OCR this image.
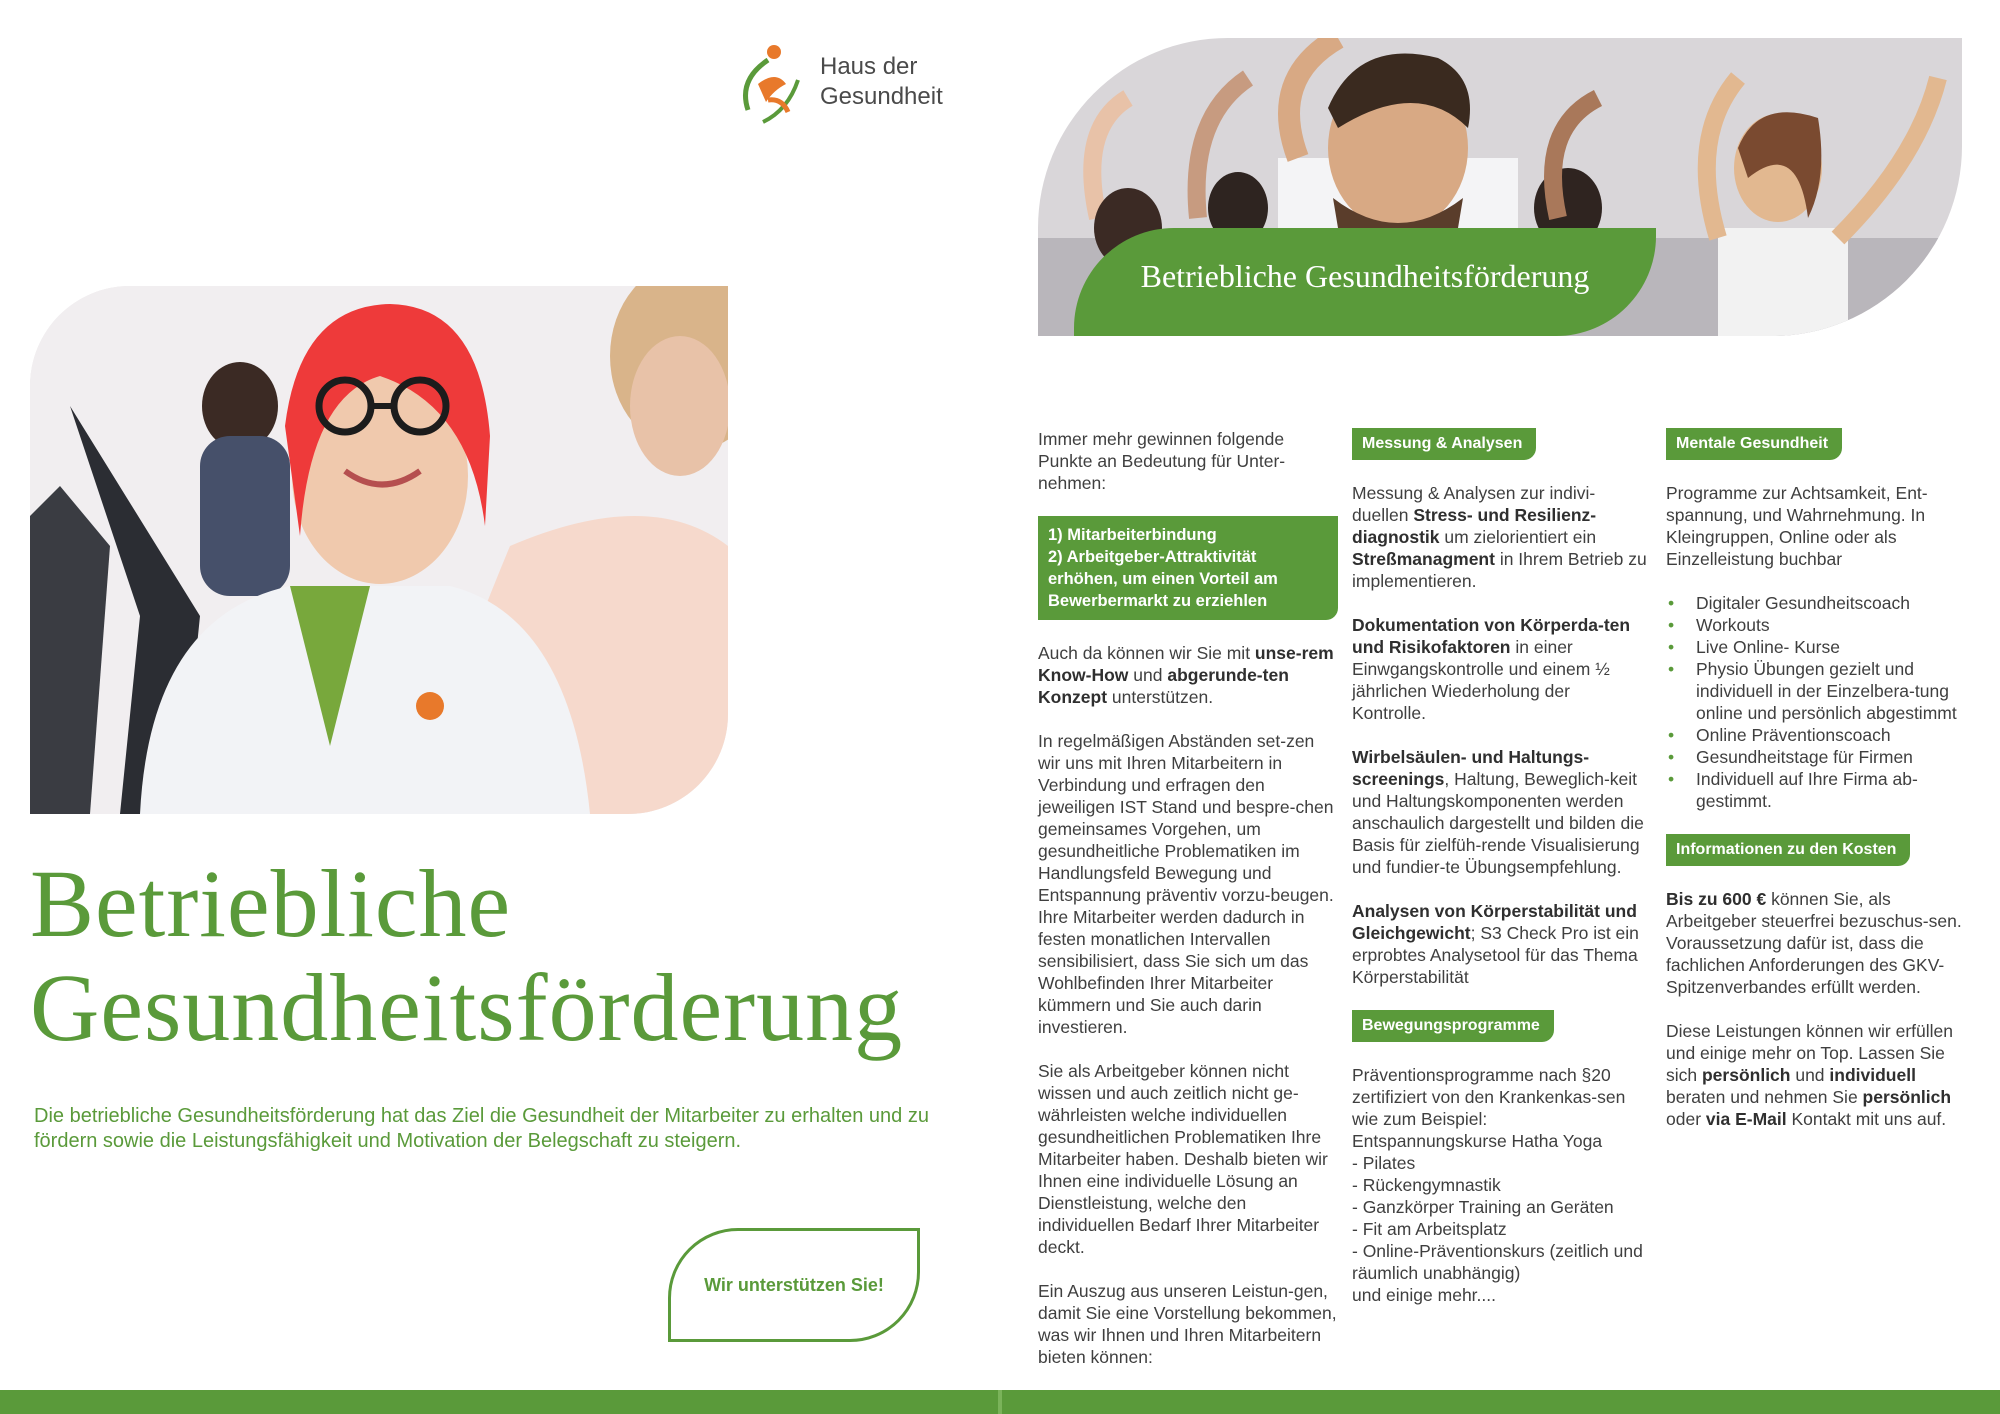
Haus der
Gesundheit
Betriebliche
Gesundheitsförderung
Die betriebliche Gesundheitsförderung hat das Ziel die Gesundheit der Mitarbeiter zu erhalten und zu fördern sowie die Leistungsfähigkeit und Motivation der Belegschaft zu steigern.
Wir unterstützen Sie!
Betriebliche Gesundheitsförderung

Immer mehr gewinnen folgende Punkte an Bedeutung für Unter-nehmen:

1) Mitarbeiterbindung
2) Arbeitgeber-Attraktivität erhöhen, um einen Vorteil am Bewerbermarkt zu erziehlen

Auch da können wir Sie mit unse-rem Know-How und abgerunde-ten Konzept unterstützen.

In regelmäßigen Abständen set-zen wir uns mit Ihren Mitarbeitern in Verbindung und erfragen den jeweiligen IST Stand und bespre-chen gemeinsames Vorgehen, um gesundheitliche Problematiken im Handlungsfeld Bewegung und Entspannung präventiv vorzu-beugen. Ihre Mitarbeiter werden dadurch in festen monatlichen Intervallen sensibilisiert, dass Sie sich um das Wohlbefinden Ihrer Mitarbeiter kümmern und Sie auch darin investieren.

Sie als Arbeitgeber können nicht wissen und auch zeitlich nicht ge-währleisten welche individuellen gesundheitlichen Problematiken Ihre Mitarbeiter haben. Deshalb bieten wir Ihnen eine individuelle Lösung an Dienstleistung, welche den individuellen Bedarf Ihrer Mitarbeiter deckt.

Ein Auszug aus unseren Leistun-gen, damit Sie eine Vorstellung bekommen, was wir Ihnen und Ihren Mitarbeitern bieten können:

Messung & Analysen

Messung & Analysen zur indivi-duellen Stress- und Resilienz-diagnostik um zielorientiert ein Streßmanagment in Ihrem Betrieb zu implementieren.

Dokumentation von Körperda-ten und Risikofaktoren in einer Einwgangskontrolle und einem ½ jährlichen Wiederholung der Kontrolle.

Wirbelsäulen- und Haltungs-screenings, Haltung, Beweglich-keit und Haltungskomponenten werden anschaulich dargestellt und bilden die Basis für zielfüh-rende Visualisierung und fundier-te Übungsempfehlung.

Analysen von Körperstabilität und Gleichgewicht; S3 Check Pro ist ein erprobtes Analysetool für das Thema Körperstabilität

Bewegungsprogramme
Präventionsprogramme nach §20 zertifiziert von den Krankenkas-sen wie zum Beispiel:
Entspannungskurse Hatha Yoga
- Pilates
- Rückengymnastik
- Ganzkörper Training an Geräten
- Fit am Arbeitsplatz
- Online-Präventionskurs (zeitlich und räumlich unabhängig)
und einige mehr....
Mentale Gesundheit

Programme zur Achtsamkeit, Ent-spannung, und Wahrnehmung. In Kleingruppen, Online oder als Einzelleistung buchbar

• Digitaler Gesundheitscoach
• Workouts
• Live Online- Kurse
• Physio Übungen gezielt und individuell in der Einzelbera-tung online und persönlich abgestimmt
• Online Präventionscoach
• Gesundheitstage für Firmen
• Individuell auf Ihre Firma ab-gestimmt.
Informationen zu den Kosten

Bis zu 600 € können Sie, als Arbeitgeber steuerfrei bezuschus-sen. Voraussetzung dafür ist, dass die fachlichen Anforderungen des GKV- Spitzenverbandes erfüllt werden.

Diese Leistungen können wir erfüllen und einige mehr on Top. Lassen Sie sich persönlich und individuell beraten und nehmen Sie persönlich oder via E-Mail Kontakt mit uns auf.
